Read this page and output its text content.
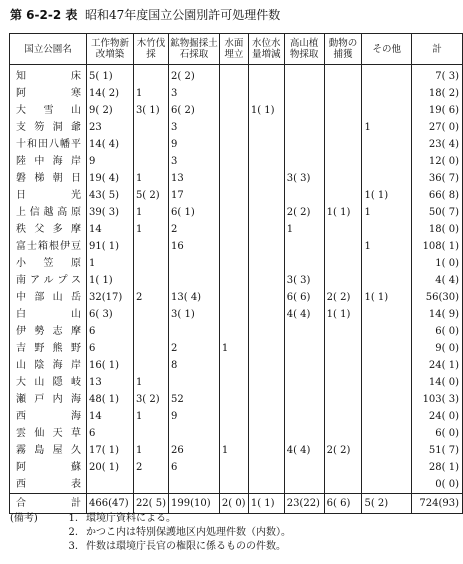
第 6-2-2 表 昭和47年度国立公園別許可処理件数
国立公園名	工作物新改増築	木竹伐採	鉱物掘採土石採取	水面埋立	水位水量増減	高山植物採取	動物の捕獲	その他	計
知床	5( 1)		2( 2)						7( 3)
阿寒	14( 2)	1	3						18( 2)
大雪山	9( 2)	3( 1)	6( 2)		1( 1)				19( 6)
支笏洞爺	23		3					1	27( 0)
十和田八幡平	14( 4)		9						23( 4)
陸中海岸	9		3						12( 0)
磐梯朝日	19( 4)	1	13			3( 3)			36( 7)
日光	43( 5)	5( 2)	17					1( 1)	66( 8)
上信越高原	39( 3)	1	6( 1)			2( 2)	1( 1)	1	50( 7)
秩父多摩	14	1	2			1			18( 0)
富士箱根伊豆	91( 1)		16					1	108( 1)
小笠原	1								1( 0)
南アルプス	1( 1)					3( 3)			4( 4)
中部山岳	32(17)	2	13( 4)			6( 6)	2( 2)	1( 1)	56(30)
白山	6( 3)		3( 1)			4( 4)	1( 1)		14( 9)
伊勢志摩	6								6( 0)
吉野熊野	6		2	1					9( 0)
山陰海岸	16( 1)		8						24( 1)
大山隠岐	13	1							14( 0)
瀬戸内海	48( 1)	3( 2)	52						103( 3)
西海	14	1	9						24( 0)
雲仙天草	6								6( 0)
霧島屋久	17( 1)	1	26	1		4( 4)	2( 2)		51( 7)
阿蘇	20( 1)	2	6						28( 1)
西表									0( 0)
合計	466(47)	22( 5)	199(10)	2( 0)	1( 1)	23(22)	6( 6)	5( 2)	724(93)
(備考)	1. 環境庁資料による。
2. かつこ内は特別保護地区内処理件数（内数）。
3. 件数は環境庁長官の権限に係るものの件数。
